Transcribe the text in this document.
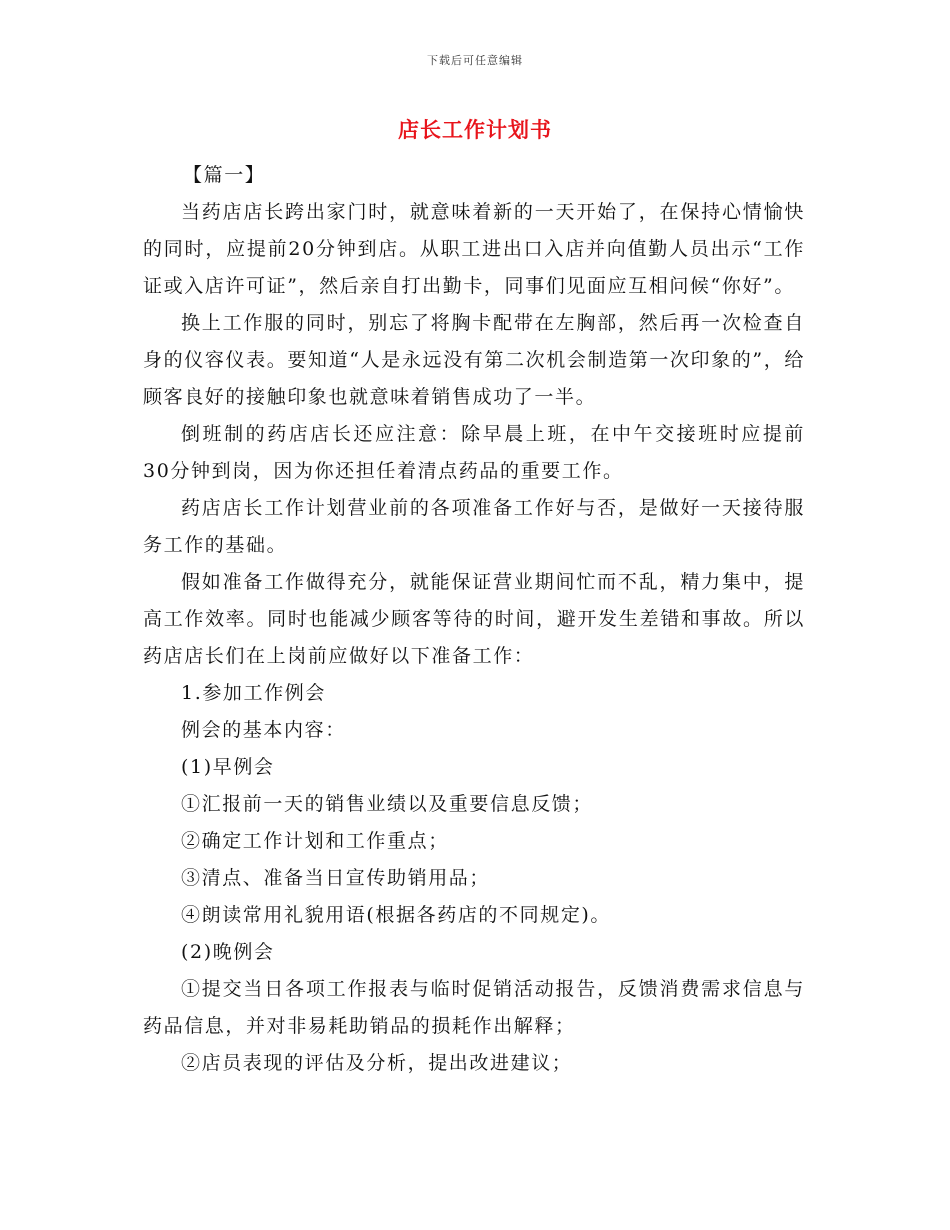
下载后可任意编辑
店长工作计划书

【篇一】

当药店店长跨出家门时，就意味着新的一天开始了，在保持心情愉快的同时，应提前20分钟到店。从职工进出口入店并向值勤人员出示“工作证或入店许可证”，然后亲自打出勤卡，同事们见面应互相问候“你好”。

换上工作服的同时，别忘了将胸卡配带在左胸部，然后再一次检查自身的仪容仪表。要知道“人是永远没有第二次机会制造第一次印象的”，给顾客良好的接触印象也就意味着销售成功了一半。

倒班制的药店店长还应注意：除早晨上班，在中午交接班时应提前30分钟到岗，因为你还担任着清点药品的重要工作。

药店店长工作计划营业前的各项准备工作好与否，是做好一天接待服务工作的基础。

假如准备工作做得充分，就能保证营业期间忙而不乱，精力集中，提高工作效率。同时也能减少顾客等待的时间，避开发生差错和事故。所以药店店长们在上岗前应做好以下准备工作：

1.参加工作例会

例会的基本内容：

(1)早例会

①汇报前一天的销售业绩以及重要信息反馈；

②确定工作计划和工作重点；

③清点、准备当日宣传助销用品；

④朗读常用礼貌用语(根据各药店的不同规定)。

(2)晚例会

①提交当日各项工作报表与临时促销活动报告，反馈消费需求信息与药品信息，并对非易耗助销品的损耗作出解释；

②店员表现的评估及分析，提出改进建议；
